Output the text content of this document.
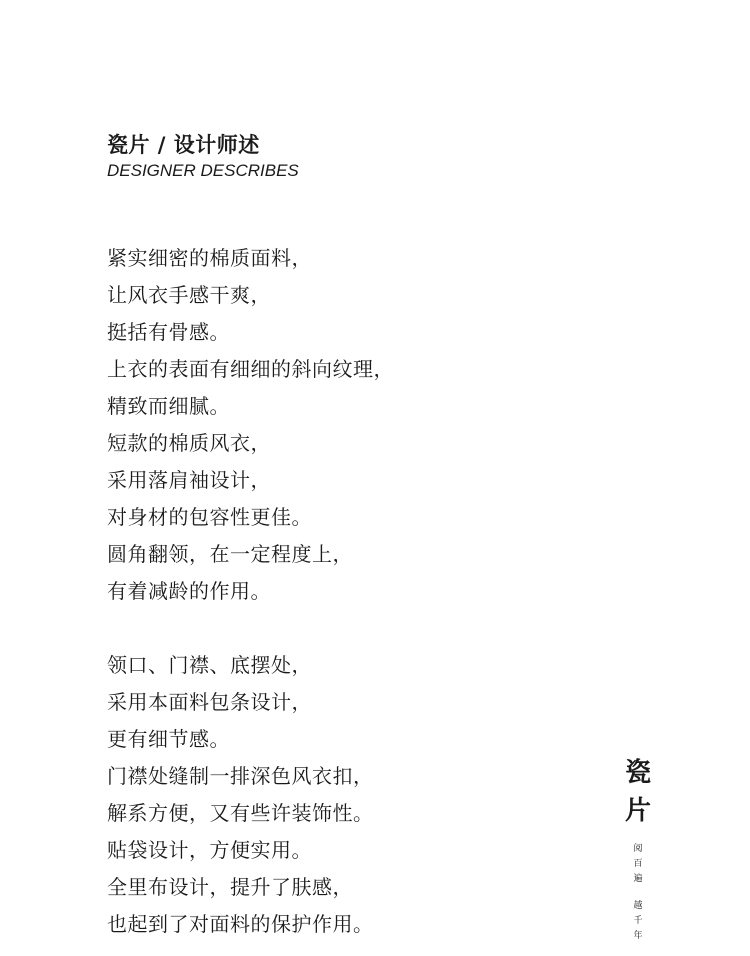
瓷片 / 设计师述

DESIGNER DESCRIBES

紧实细密的棉质面料，
让风衣手感干爽，
挺括有骨感。
上衣的表面有细细的斜向纹理，
精致而细腻。
短款的棉质风衣，
采用落肩袖设计，
对身材的包容性更佳。
圆角翻领，在一定程度上，
有着减龄的作用。

领口、门襟、底摆处，
采用本面料包条设计，
更有细节感。
门襟处缝制一排深色风衣扣，
解系方便，又有些许装饰性。
贴袋设计，方便实用。
全里布设计，提升了肤感，
也起到了对面料的保护作用。

瓷
片
阅
百
遍
越
千
年
